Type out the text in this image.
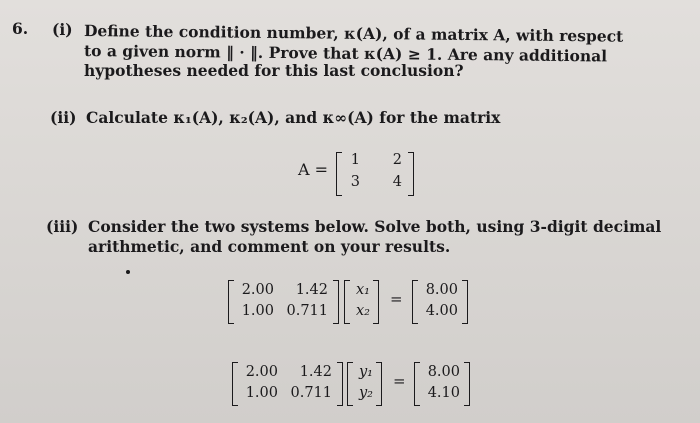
6. (i) Define the condition number, κ(A), of a matrix A, with respect
to a given norm ‖ · ‖. Prove that κ(A) ≥ 1. Are any additional
hypotheses needed for this last conclusion?
(ii) Calculate κ₁(A), κ₂(A), and κ∞(A) for the matrix
A =	1	2
3	4
(iii) Consider the two systems below. Solve both, using 3-digit decimal
arithmetic, and comment on your results.
2.00	1.42
1.00 0.711
x₁
x₂
=	8.00
4.00
2.00	1.42
1.00 0.711
y₁
y₂
=	8.00
4.10
